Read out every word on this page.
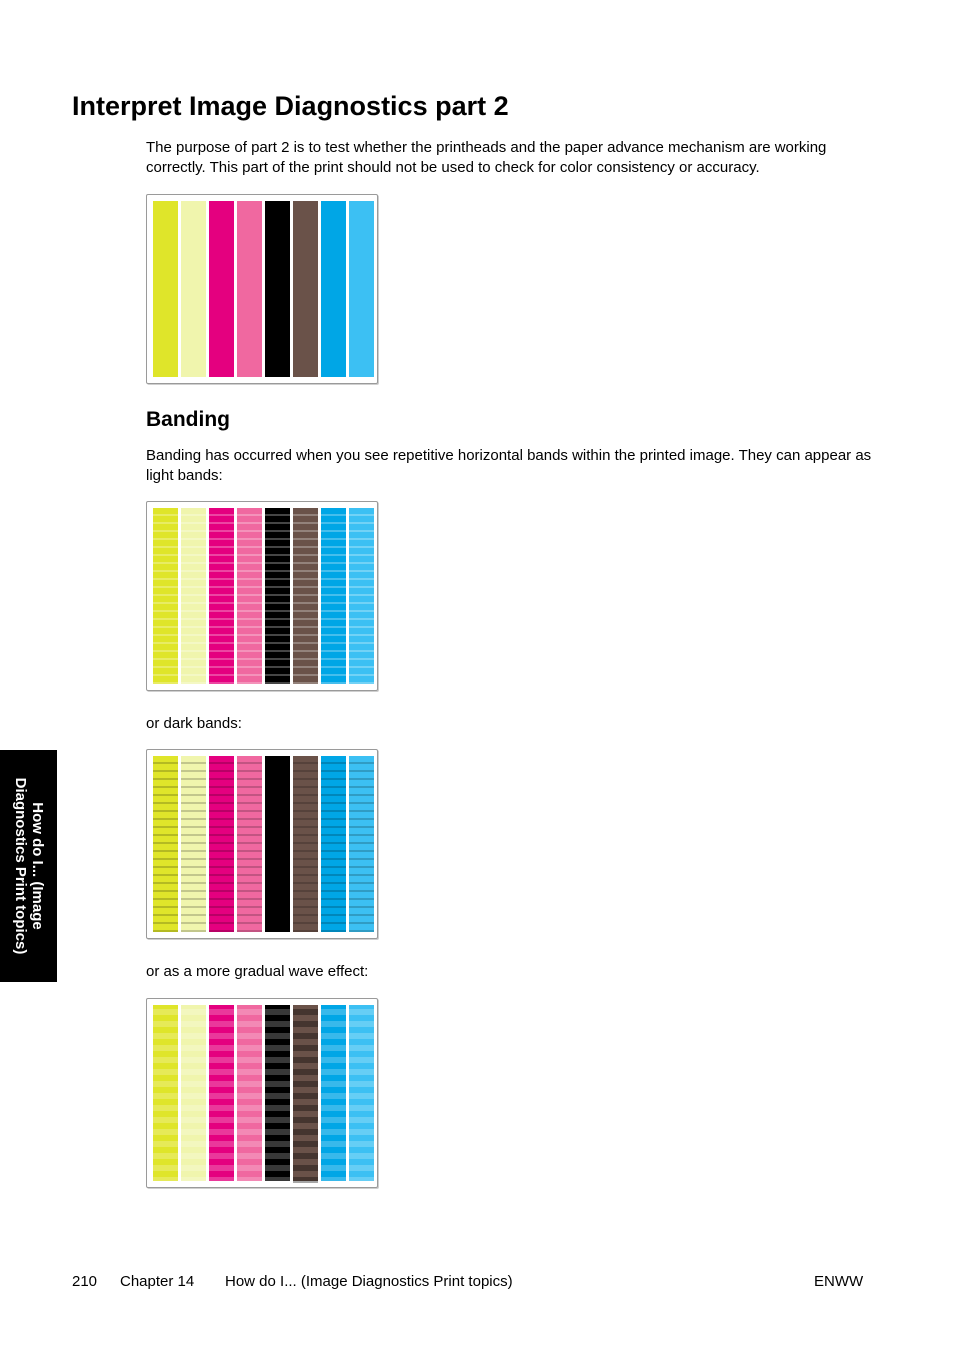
Interpret Image Diagnostics part 2

The purpose of part 2 is to test whether the printheads and the paper advance mechanism are working correctly. This part of the print should not be used to check for color consistency or accuracy.

Banding

Banding has occurred when you see repetitive horizontal bands within the printed image. They can appear as light bands:

or dark bands:

or as a more gradual wave effect:

How do I... (Image
Diagnostics Print topics)
210 Chapter 14 How do I... (Image Diagnostics Print topics)	ENWW
